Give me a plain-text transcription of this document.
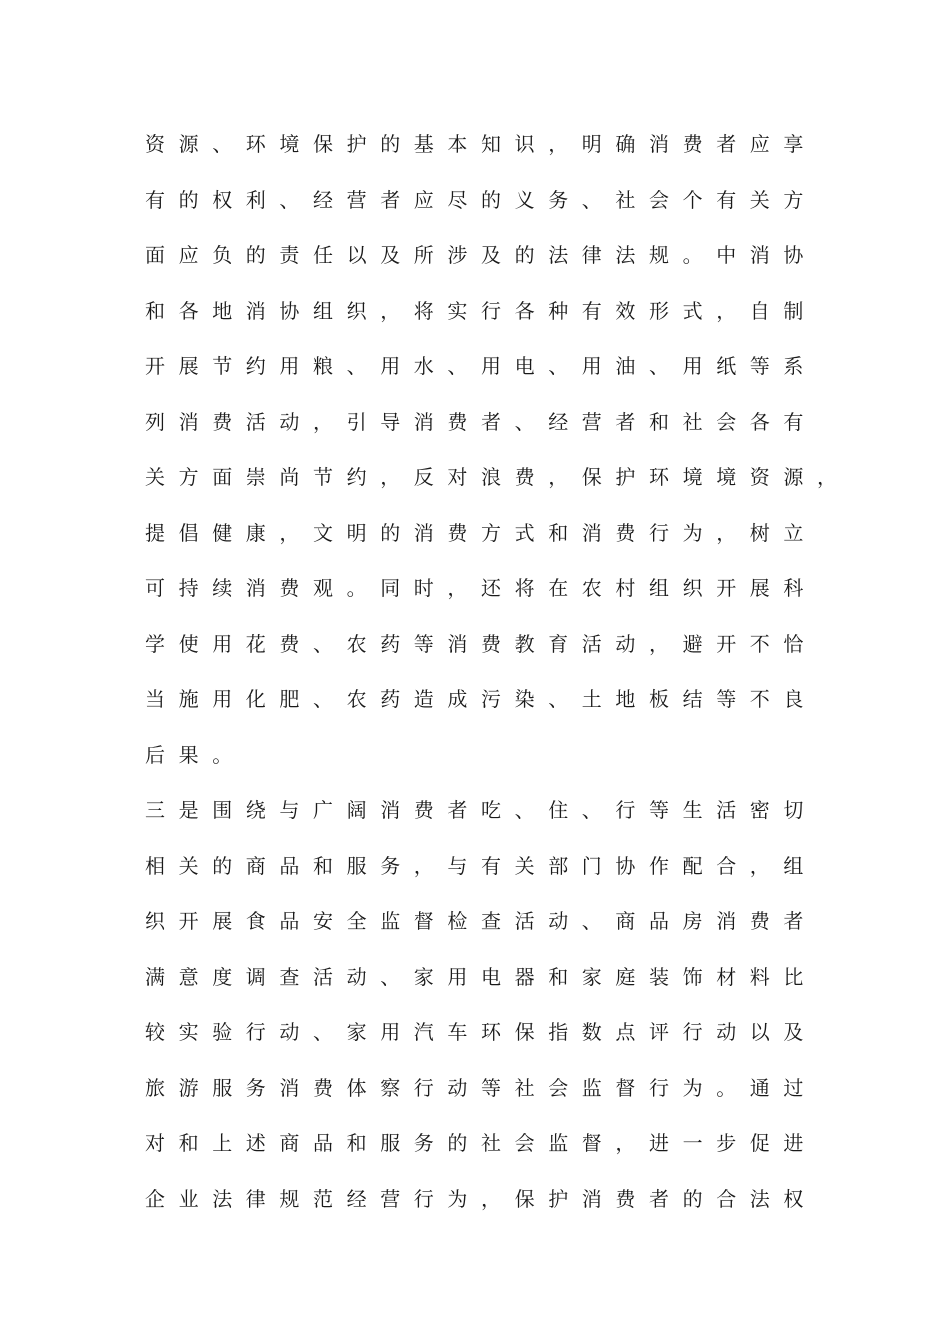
资源、环境保护的基本知识，明确消费者应享
有的权利、经营者应尽的义务、社会个有关方
面应负的责任以及所涉及的法律法规。中消协
和各地消协组织，将实行各种有效形式，自制
开展节约用粮、用水、用电、用油、用纸等系
列消费活动，引导消费者、经营者和社会各有
关方面崇尚节约，反对浪费，保护环境境资源，
提倡健康，文明的消费方式和消费行为，树立
可持续消费观。同时，还将在农村组织开展科
学使用花费、农药等消费教育活动，避开不恰
当施用化肥、农药造成污染、土地板结等不良
后果。
三是围绕与广阔消费者吃、住、行等生活密切
相关的商品和服务，与有关部门协作配合，组
织开展食品安全监督检查活动、商品房消费者
满意度调查活动、家用电器和家庭装饰材料比
较实验行动、家用汽车环保指数点评行动以及
旅游服务消费体察行动等社会监督行为。通过
对和上述商品和服务的社会监督，进一步促进
企业法律规范经营行为，保护消费者的合法权
